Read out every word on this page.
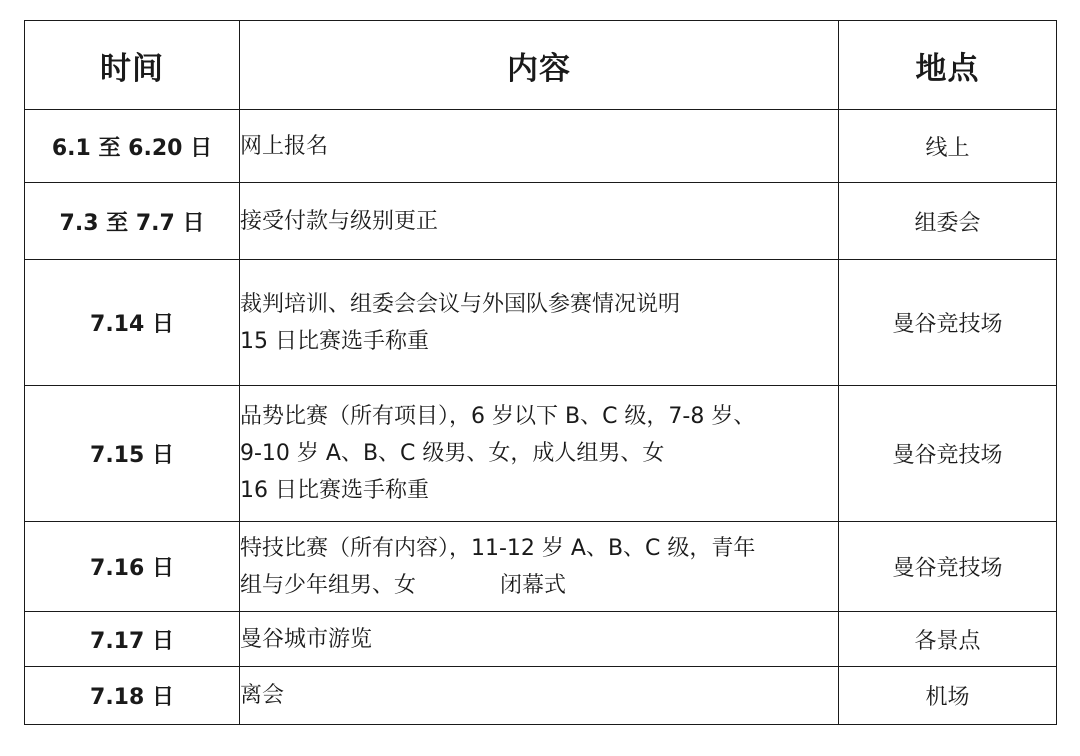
时间	内容	地点
6.1 至 6.20 日	网上报名	线上
7.3 至 7.7 日	接受付款与级别更正	组委会
7.14 日	裁判培训、组委会会议与外国队参赛情况说明
15 日比赛选手称重	曼谷竞技场
7.15 日	品势比赛（所有项目），6 岁以下 B、C 级，7-8 岁、
9-10 岁 A、B、C 级男、女，成人组男、女
16 日比赛选手称重	曼谷竞技场
7.16 日	特技比赛（所有内容），11-12 岁 A、B、C 级，青年
组与少年组男、女 闭幕式	曼谷竞技场
7.17 日	曼谷城市游览	各景点
7.18 日	离会	机场
